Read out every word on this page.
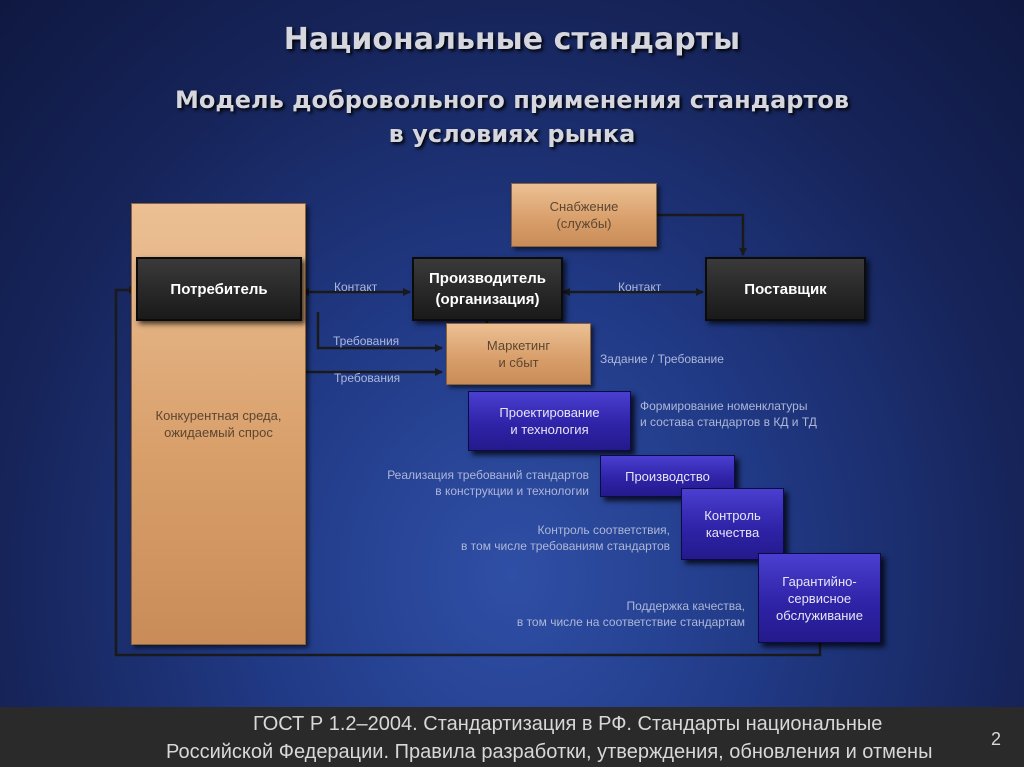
Национальные стандарты
Модель добровольного применения стандартов
в условиях рынка
Конкурентная среда,
ожидаемый спрос
Потребитель
Снабжение
(службы)
Производитель
(организация)
Поставщик
Маркетинг
и сбыт
Проектирование
и технология
Производство
Контроль
качества
Гарантийно-
сервисное
обслуживание
Контакт	Контакт
Требования
Требования
Задание / Требование
Формирование номенклатуры
и состава стандартов в КД и ТД
Реализация требований стандартов
в конструкции и технологии
Контроль соответствия,
в том числе требованиям стандартов
Поддержка качества,
в том числе на соответствие стандартам
ГОСТ Р 1.2–2004. Стандартизация в РФ. Стандарты национальные
Российской Федерации. Правила разработки, утверждения, обновления и отмены
2
